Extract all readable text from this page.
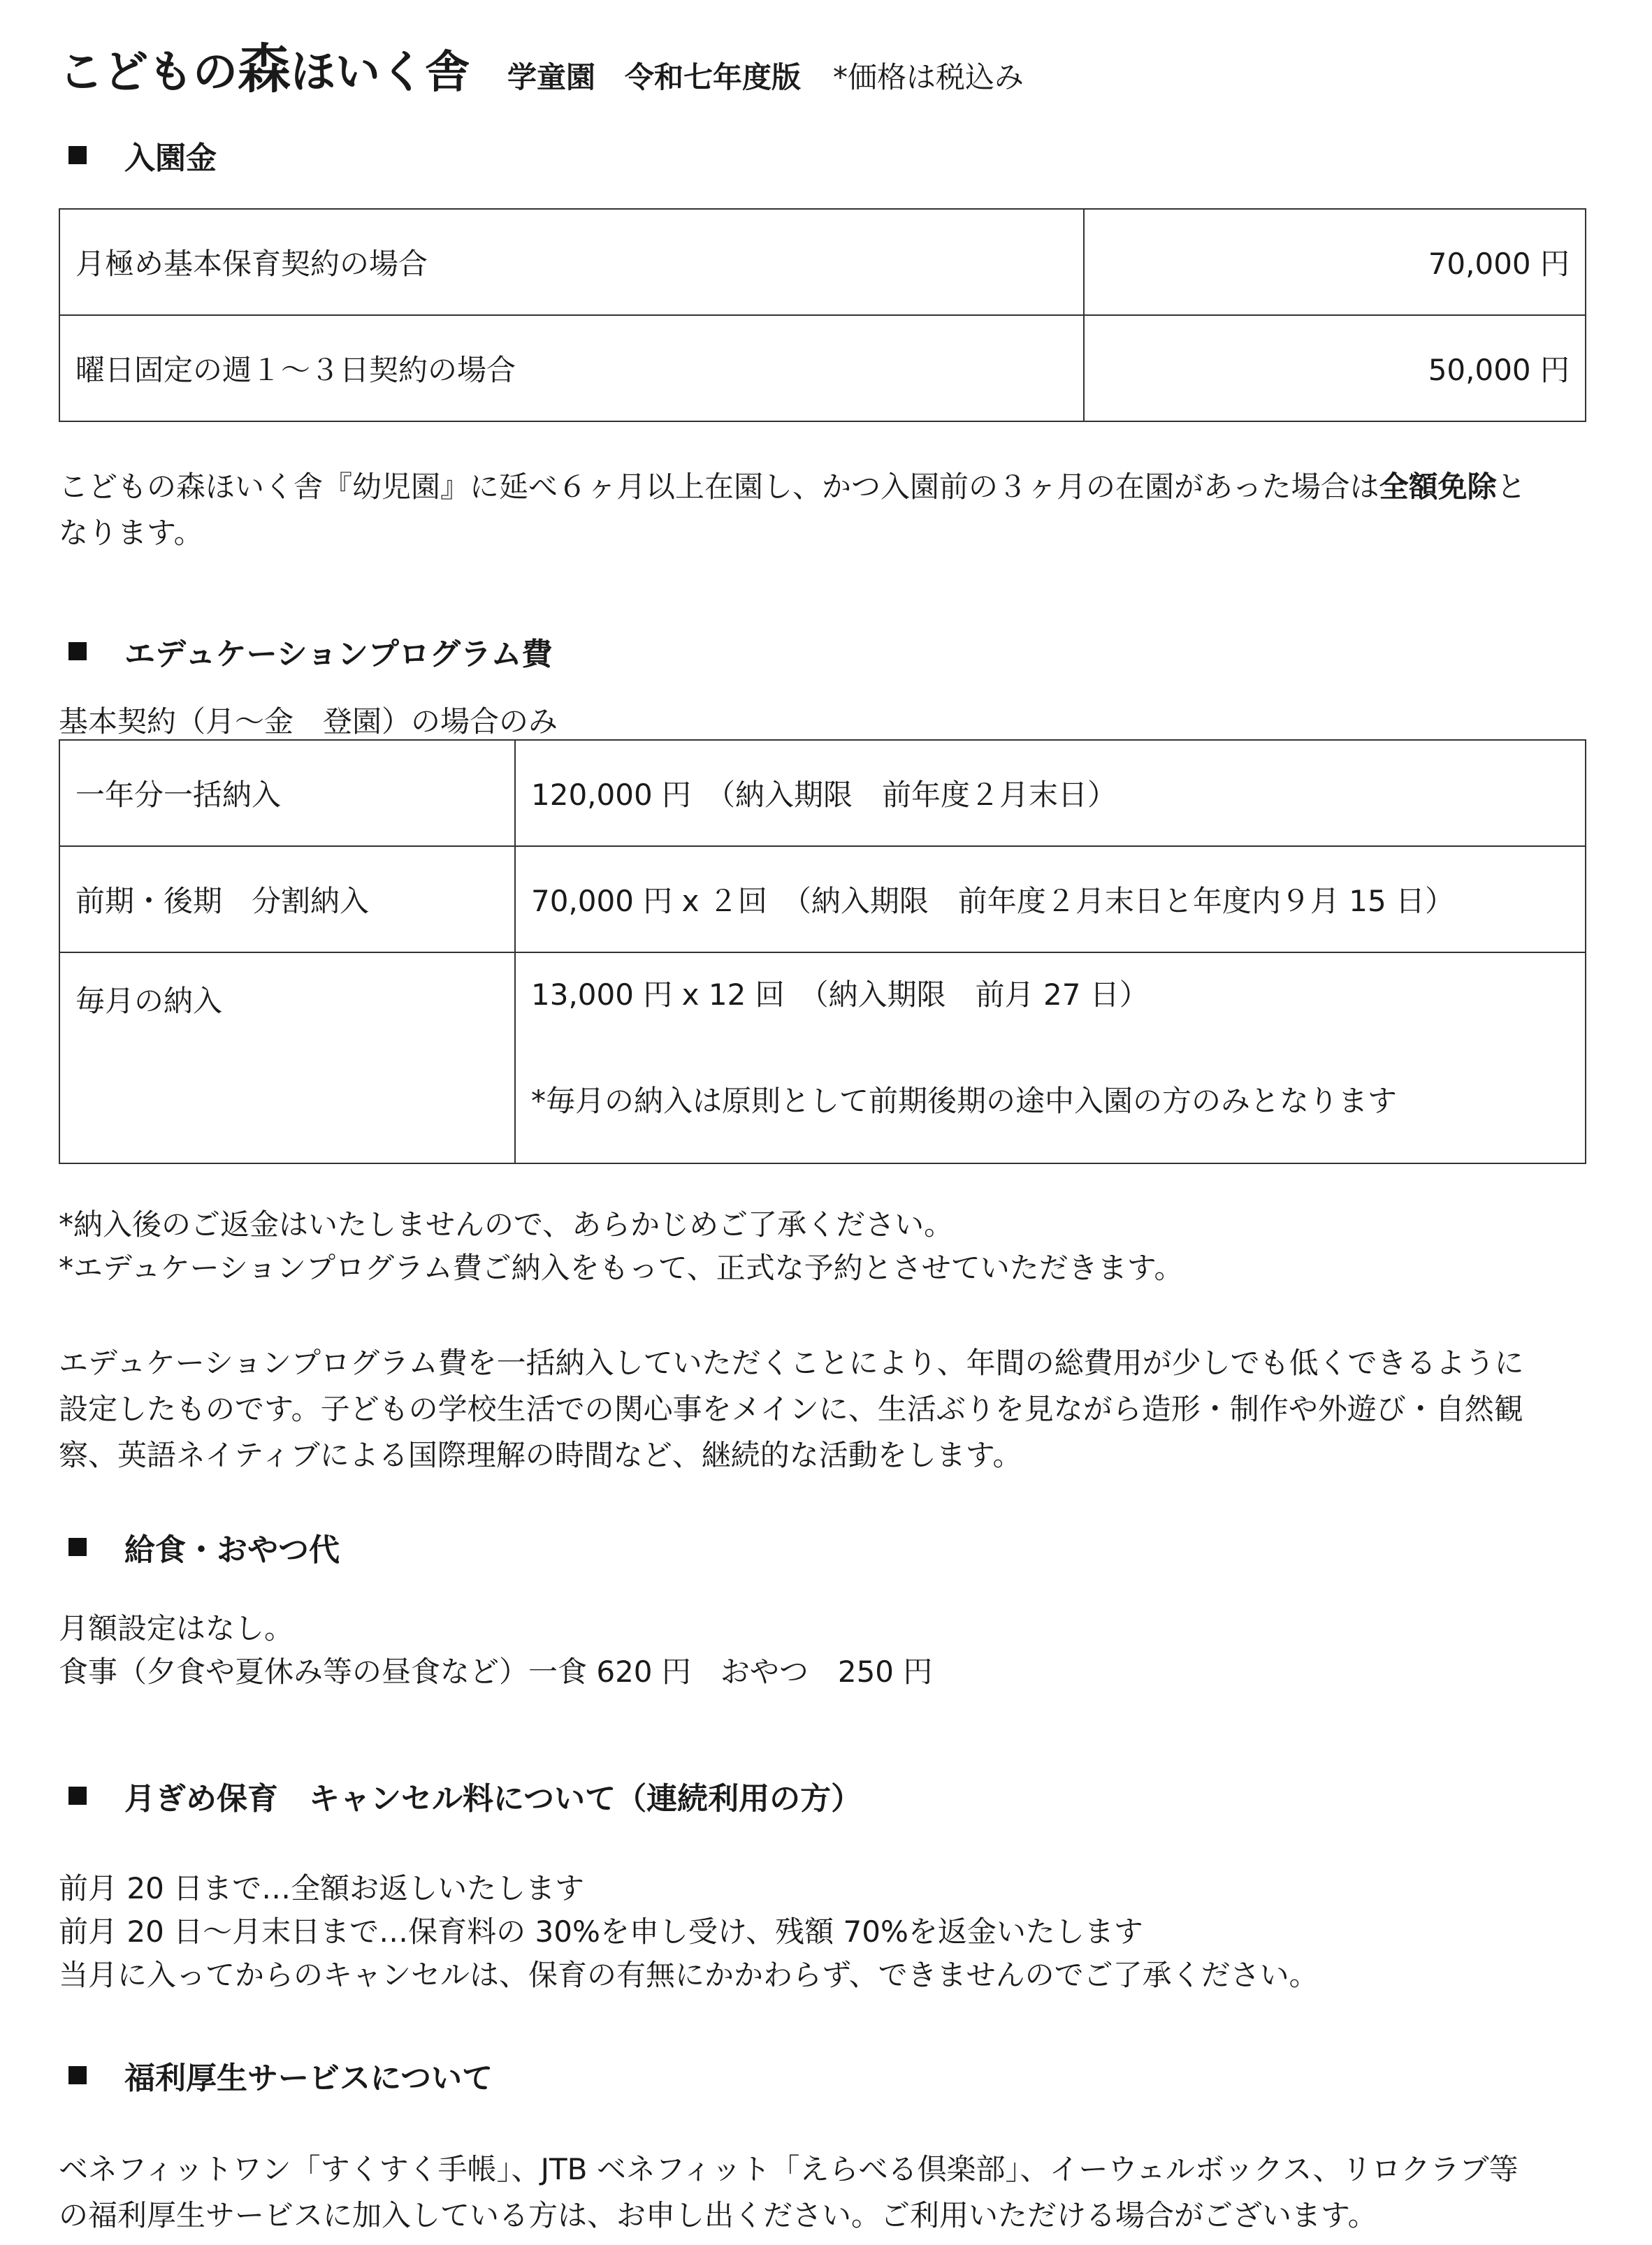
こどもの森ほいく舎 学童園　令和七年度版 *価格は税込み
入園金
月極め基本保育契約の場合	70,000 円
曜日固定の週１～３日契約の場合	50,000 円
こどもの森ほいく舎『幼児園』に延べ６ヶ月以上在園し、かつ入園前の３ヶ月の在園があった場合は全額免除と
なります。
エデュケーションプログラム費
基本契約（月～金　登園）の場合のみ
一年分一括納入	120,000 円　（納入期限　前年度２月末日）
前期・後期　分割納入	70,000 円 x ２回　（納入期限　前年度２月末日と年度内９月 15 日）
毎月の納入	13,000 円 x 12 回　（納入期限　前月 27 日）
*毎月の納入は原則として前期後期の途中入園の方のみとなります
*納入後のご返金はいたしませんので、あらかじめご了承ください。
*エデュケーションプログラム費ご納入をもって、正式な予約とさせていただきます。
エデュケーションプログラム費を一括納入していただくことにより、年間の総費用が少しでも低くできるように
設定したものです。子どもの学校生活での関心事をメインに、生活ぶりを見ながら造形・制作や外遊び・自然観
察、英語ネイティブによる国際理解の時間など、継続的な活動をします。
給食・おやつ代
月額設定はなし。
食事（夕食や夏休み等の昼食など）一食 620 円　おやつ　250 円
月ぎめ保育　キャンセル料について（連続利用の方）
前月 20 日まで…全額お返しいたします
前月 20 日～月末日まで…保育料の 30%を申し受け、残額 70%を返金いたします
当月に入ってからのキャンセルは、保育の有無にかかわらず、できませんのでご了承ください。
福利厚生サービスについて
ベネフィットワン「すくすく手帳」、JTB ベネフィット「えらべる倶楽部」、イーウェルボックス、リロクラブ等
の福利厚生サービスに加入している方は、お申し出ください。ご利用いただける場合がございます。
